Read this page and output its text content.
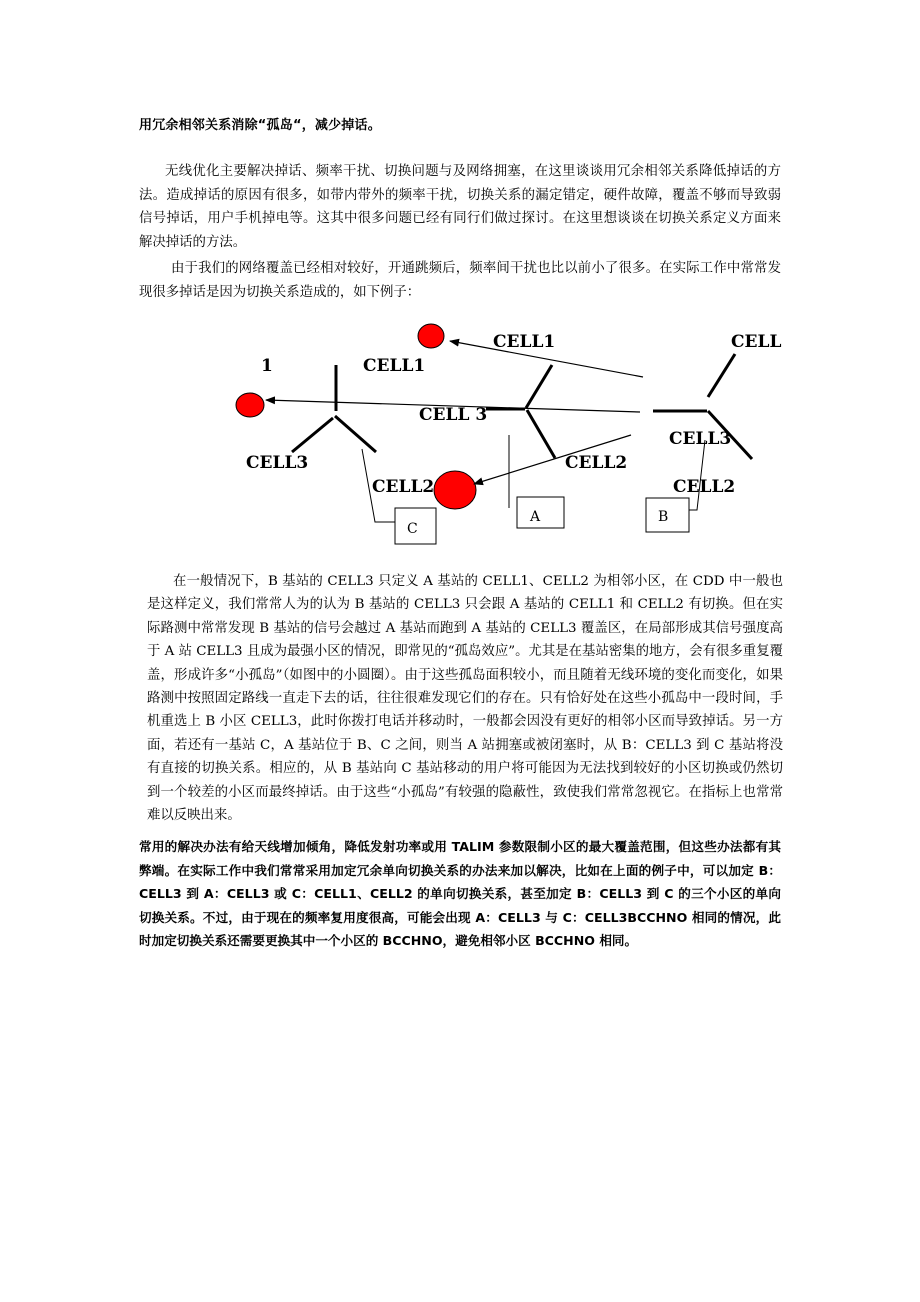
用冗余相邻关系消除“孤岛“，减少掉话。

无线优化主要解决掉话、频率干扰、切换问题与及网络拥塞，在这里谈谈用冗余相邻关系降低掉话的方法。造成掉话的原因有很多，如带内带外的频率干扰，切换关系的漏定错定，硬件故障，覆盖不够而导致弱信号掉话，用户手机掉电等。这其中很多问题已经有同行们做过探讨。在这里想谈谈在切换关系定义方面来解决掉话的方法。

由于我们的网络覆盖已经相对较好，开通跳频后，频率间干扰也比以前小了很多。在实际工作中常常发现很多掉话是因为切换关系造成的，如下例子：

C
A	B
CELL1	CELL
1	CELL1
CELL 3
CELL3
CELL3	CELL2
CELL2	CELL2

在一般情况下，B 基站的 CELL3 只定义 A 基站的 CELL1、CELL2 为相邻小区，在 CDD 中一般也是这样定义，我们常常人为的认为 B 基站的 CELL3 只会跟 A 基站的 CELL1 和 CELL2 有切换。但在实际路测中常常发现 B 基站的信号会越过 A 基站而跑到 A 基站的 CELL3 覆盖区，在局部形成其信号强度高于 A 站 CELL3 且成为最强小区的情况，即常见的“孤岛效应”。尤其是在基站密集的地方，会有很多重复覆盖，形成许多“小孤岛”（如图中的小圆圈）。由于这些孤岛面积较小，而且随着无线环境的变化而变化，如果路测中按照固定路线一直走下去的话，往往很难发现它们的存在。只有恰好处在这些小孤岛中一段时间，手机重选上 B 小区 CELL3，此时你拨打电话并移动时，一般都会因没有更好的相邻小区而导致掉话。另一方面，若还有一基站 C，A 基站位于 B、C 之间，则当 A 站拥塞或被闭塞时，从 B：CELL3 到 C 基站将没有直接的切换关系。相应的，从 B 基站向 C 基站移动的用户将可能因为无法找到较好的小区切换或仍然切到一个较差的小区而最终掉话。由于这些“小孤岛”有较强的隐蔽性，致使我们常常忽视它。在指标上也常常难以反映出来。

常用的解决办法有给天线增加倾角，降低发射功率或用 TALIM 参数限制小区的最大覆盖范围，但这些办法都有其弊端。在实际工作中我们常常采用加定冗余单向切换关系的办法来加以解决，比如在上面的例子中，可以加定 B：CELL3 到 A：CELL3 或 C：CELL1、CELL2 的单向切换关系，甚至加定 B：CELL3 到 C 的三个小区的单向切换关系。不过，由于现在的频率复用度很高，可能会出现 A：CELL3 与 C：CELL3BCCHNO 相同的情况，此时加定切换关系还需要更换其中一个小区的 BCCHNO，避免相邻小区 BCCHNO 相同。
